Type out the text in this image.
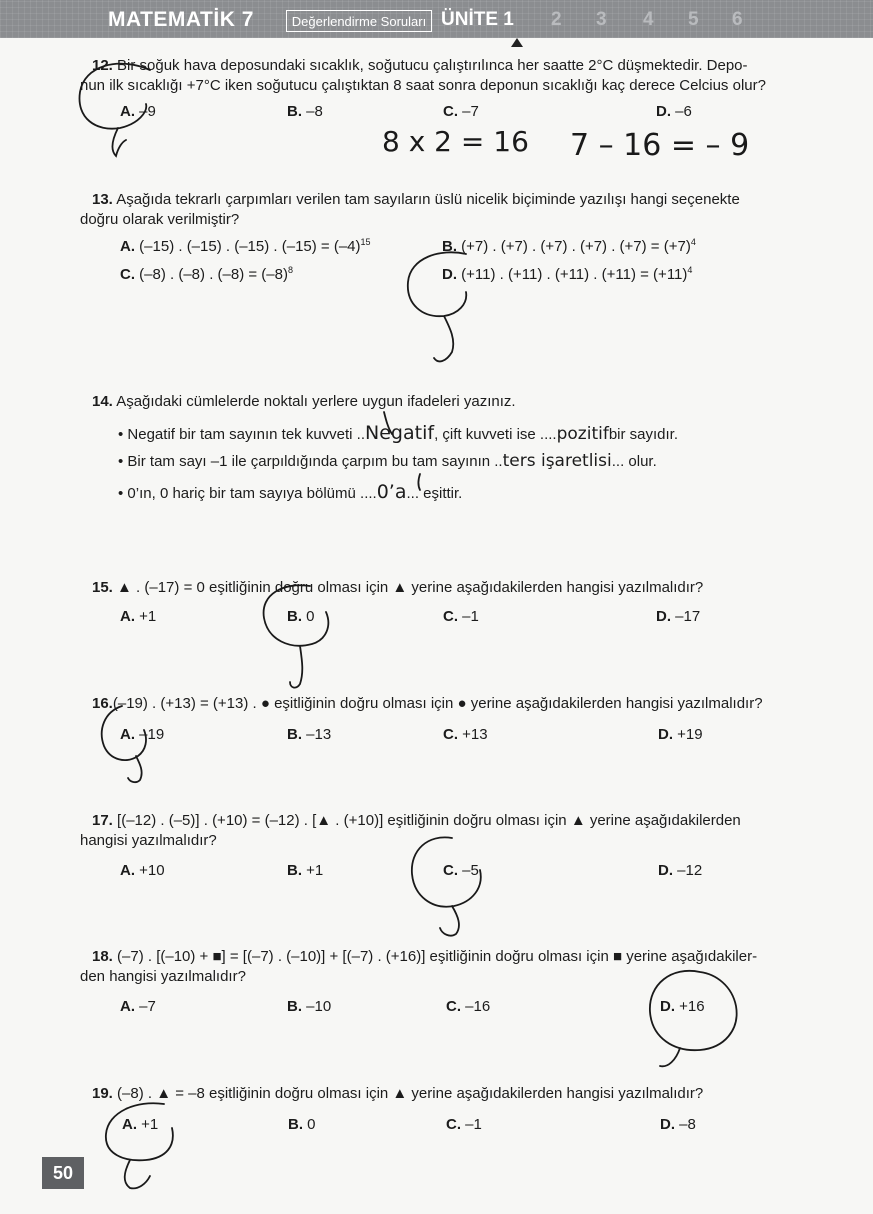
MATEMATİK 7	Değerlendirme Soruları ÜNİTE 1 2 3 4 5 6
12. Bir soğuk hava deposundaki sıcaklık, soğutucu çalıştırılınca her saatte 2°C düşmektedir. Depo-
nun ilk sıcaklığı +7°C iken soğutucu çalıştıktan 8 saat sonra deponun sıcaklığı kaç derece Celcius olur?
A. –9	B. –8	C. –7	D. –6
8 x 2 = 16 7 – 16 = – 9
13. Aşağıda tekrarlı çarpımları verilen tam sayıların üslü nicelik biçiminde yazılışı hangi seçenekte
doğru olarak verilmiştir?
A. (–15) . (–15) . (–15) . $(-15) = (-4)^{15}$	B. (+7) . (+7) . (+7) . (+7) . $(+7) = (+7)^4$
C. (–8) . (–8) . $(-8) = (-8)^8$	D. (+11) . (+11) . (+11) . $(+11) = (+11)^4$
14. Aşağıdaki cümlelerde noktalı yerlere uygun ifadeleri yazınız.
• Negatif bir tam sayının tek kuvveti ..Negatif, çift kuvveti ise ....pozitifbir sayıdır.
• Bir tam sayı –1 ile çarpıldığında çarpım bu tam sayının ..ters işaretlisi... olur.
• 0’ın, 0 hariç bir tam sayıya bölümü ....0’a... eşittir.
15. ▲ . (–17) = 0 eşitliğinin doğru olması için ▲ yerine aşağıdakilerden hangisi yazılmalıdır?
A. +1	B. 0	C. –1	D. –17
16.(–19) . (+13) = (+13) . ● eşitliğinin doğru olması için ● yerine aşağıdakilerden hangisi yazılmalıdır?
A. –19	B. –13	C. +13	D. +19
17. [(–12) . (–5)] . (+10) = (–12) . [▲ . (+10)] eşitliğinin doğru olması için ▲ yerine aşağıdakilerden
hangisi yazılmalıdır?
A. +10	B. +1	C. –5	D. –12
18. (–7) . [(–10) + ■] = [(–7) . (–10)] + [(–7) . (+16)] eşitliğinin doğru olması için ■ yerine aşağıdakiler-
den hangisi yazılmalıdır?
A. –7	B. –10	C. –16	D. +16
19. (–8) . ▲ = –8 eşitliğinin doğru olması için ▲ yerine aşağıdakilerden hangisi yazılmalıdır?
A. +1	B. 0	C. –1	D. –8
50
